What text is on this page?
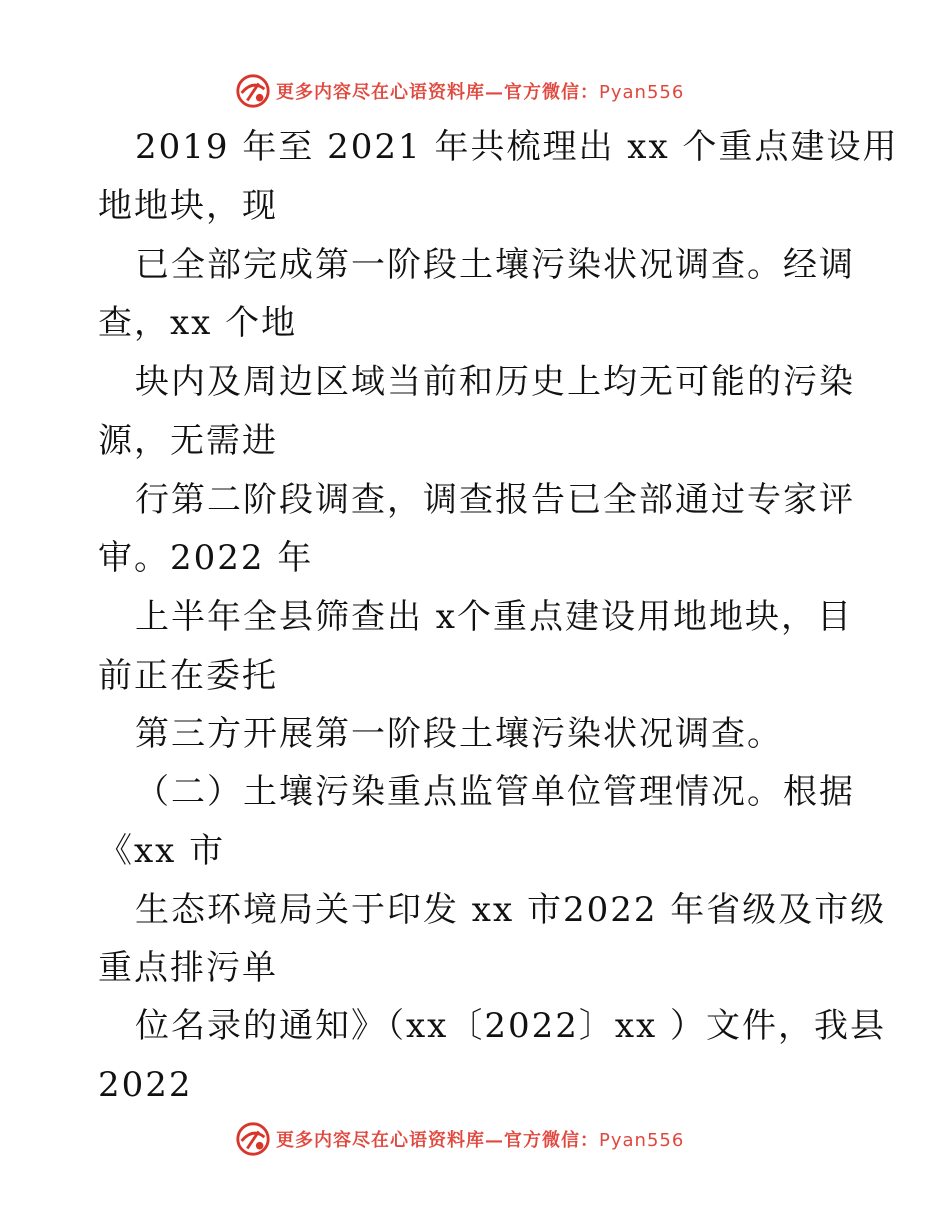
更多内容尽在心语资料库—官方微信：Pyan556
2019 年至 2021 年共梳理出 xx 个重点建设用
地地块，现
已全部完成第一阶段土壤污染状况调查。经调
查，xx 个地
块内及周边区域当前和历史上均无可能的污染
源，无需进
行第二阶段调查，调查报告已全部通过专家评
审。2022 年
上半年全县筛查出 x个重点建设用地地块，目
前正在委托
第三方开展第一阶段土壤污染状况调查。
（二）土壤污染重点监管单位管理情况。根据
《xx 市
生态环境局关于印发 xx 市2022 年省级及市级
重点排污单
位名录的通知》（xx〔2022〕xx ）文件，我县
2022
更多内容尽在心语资料库—官方微信：Pyan556
